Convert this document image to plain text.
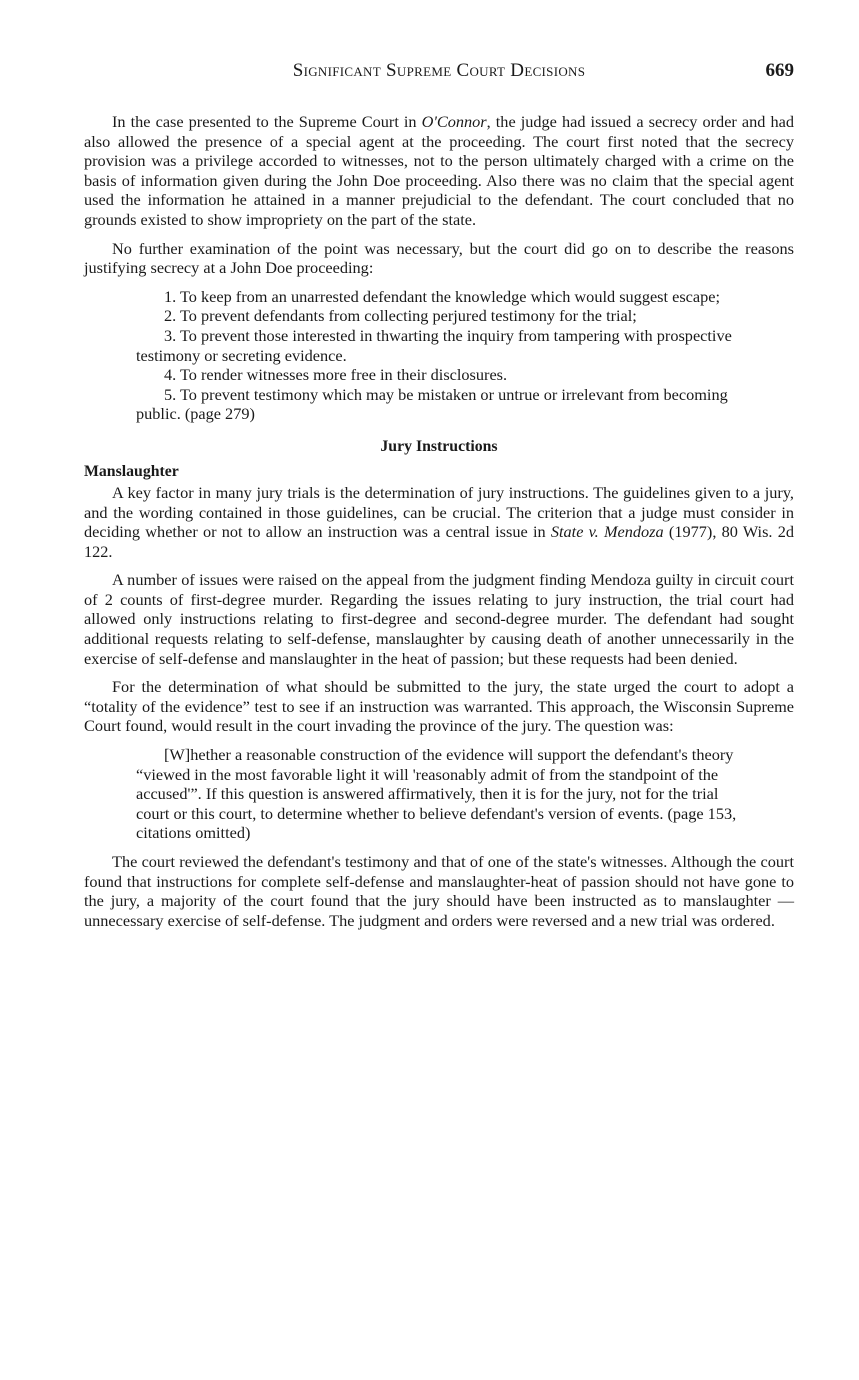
Significant Supreme Court Decisions	669

In the case presented to the Supreme Court in O'Connor, the judge had issued a secrecy order and had also allowed the presence of a special agent at the proceeding. The court first noted that the secrecy provision was a privilege accorded to witnesses, not to the person ultimately charged with a crime on the basis of information given during the John Doe proceeding. Also there was no claim that the special agent used the information he attained in a manner prejudicial to the defendant. The court concluded that no grounds existed to show impropriety on the part of the state.

No further examination of the point was necessary, but the court did go on to describe the reasons justifying secrecy at a John Doe proceeding:

1. To keep from an unarrested defendant the knowledge which would suggest escape;

2. To prevent defendants from collecting perjured testimony for the trial;

3. To prevent those interested in thwarting the inquiry from tampering with prospective testimony or secreting evidence.

4. To render witnesses more free in their disclosures.

5. To prevent testimony which may be mistaken or untrue or irrelevant from becoming public. (page 279)

Jury Instructions
Manslaughter

A key factor in many jury trials is the determination of jury instructions. The guidelines given to a jury, and the wording contained in those guidelines, can be crucial. The criterion that a judge must consider in deciding whether or not to allow an instruction was a central issue in State v. Mendoza (1977), 80 Wis. 2d 122.

A number of issues were raised on the appeal from the judgment finding Mendoza guilty in circuit court of 2 counts of first-degree murder. Regarding the issues relating to jury instruction, the trial court had allowed only instructions relating to first-degree and second-degree murder. The defendant had sought additional requests relating to self-defense, manslaughter by causing death of another unnecessarily in the exercise of self-defense and manslaughter in the heat of passion; but these requests had been denied.

For the determination of what should be submitted to the jury, the state urged the court to adopt a “totality of the evidence” test to see if an instruction was warranted. This approach, the Wisconsin Supreme Court found, would result in the court invading the province of the jury. The question was:

[W]hether a reasonable construction of the evidence will support the defendant's theory “viewed in the most favorable light it will 'reasonably admit of from the standpoint of the accused'”. If this question is answered affirmatively, then it is for the jury, not for the trial court or this court, to determine whether to believe defendant's version of events. (page 153, citations omitted)

The court reviewed the defendant's testimony and that of one of the state's witnesses. Although the court found that instructions for complete self-defense and manslaughter-heat of passion should not have gone to the jury, a majority of the court found that the jury should have been instructed as to manslaughter — unnecessary exercise of self-defense. The judgment and orders were reversed and a new trial was ordered.
